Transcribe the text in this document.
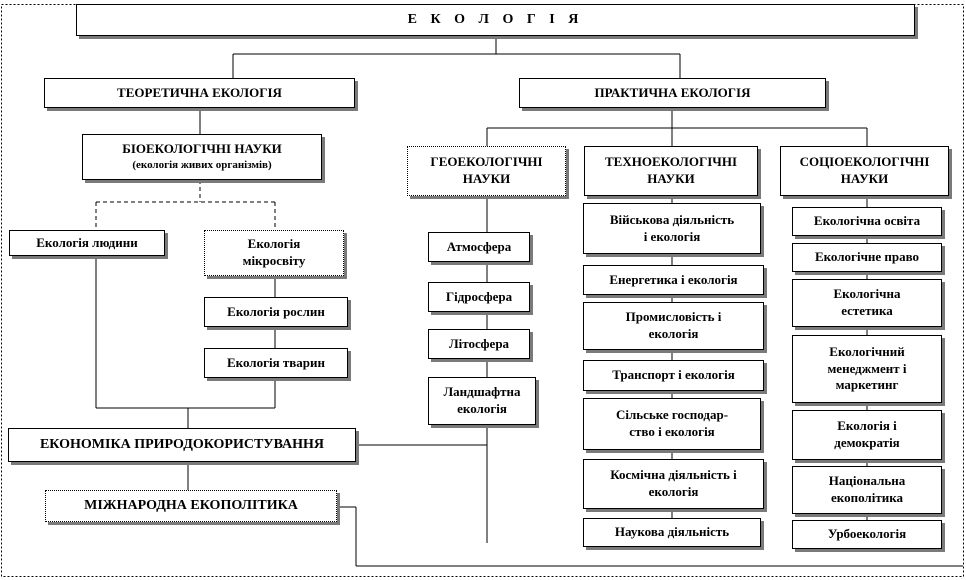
Е К О Л О Г І Я
ТЕОРЕТИЧНА ЕКОЛОГІЯ	ПРАКТИЧНА ЕКОЛОГІЯ
БІОЕКОЛОГІЧНІ НАУКИ
(екологія живих організмів)
Екологія людини	Екологія
мікросвіту
Екологія рослин
Екологія тварин
ЕКОНОМІКА ПРИРОДОКОРИСТУВАННЯ
МІЖНАРОДНА ЕКОПОЛІТИКА
ГЕОЕКОЛОГІЧНІ
НАУКИ
Атмосфера
Гідросфера
Літосфера
Ландшафтна
екологія
ТЕХНОЕКОЛОГІЧНІ
НАУКИ
Військова діяльність
і екологія
Енергетика і екологія
Промисловість і
екологія
Транспорт і екологія
Сільське господар-
ство і екологія
Космічна діяльність і
екологія
Наукова діяльність
СОЦІОЕКОЛОГІЧНІ
НАУКИ
Екологічна освіта
Екологічне право
Екологічна
естетика
Екологічний
менеджмент і
маркетинг
Екологія і
демократія
Національна
екополітика
Урбоекологія
